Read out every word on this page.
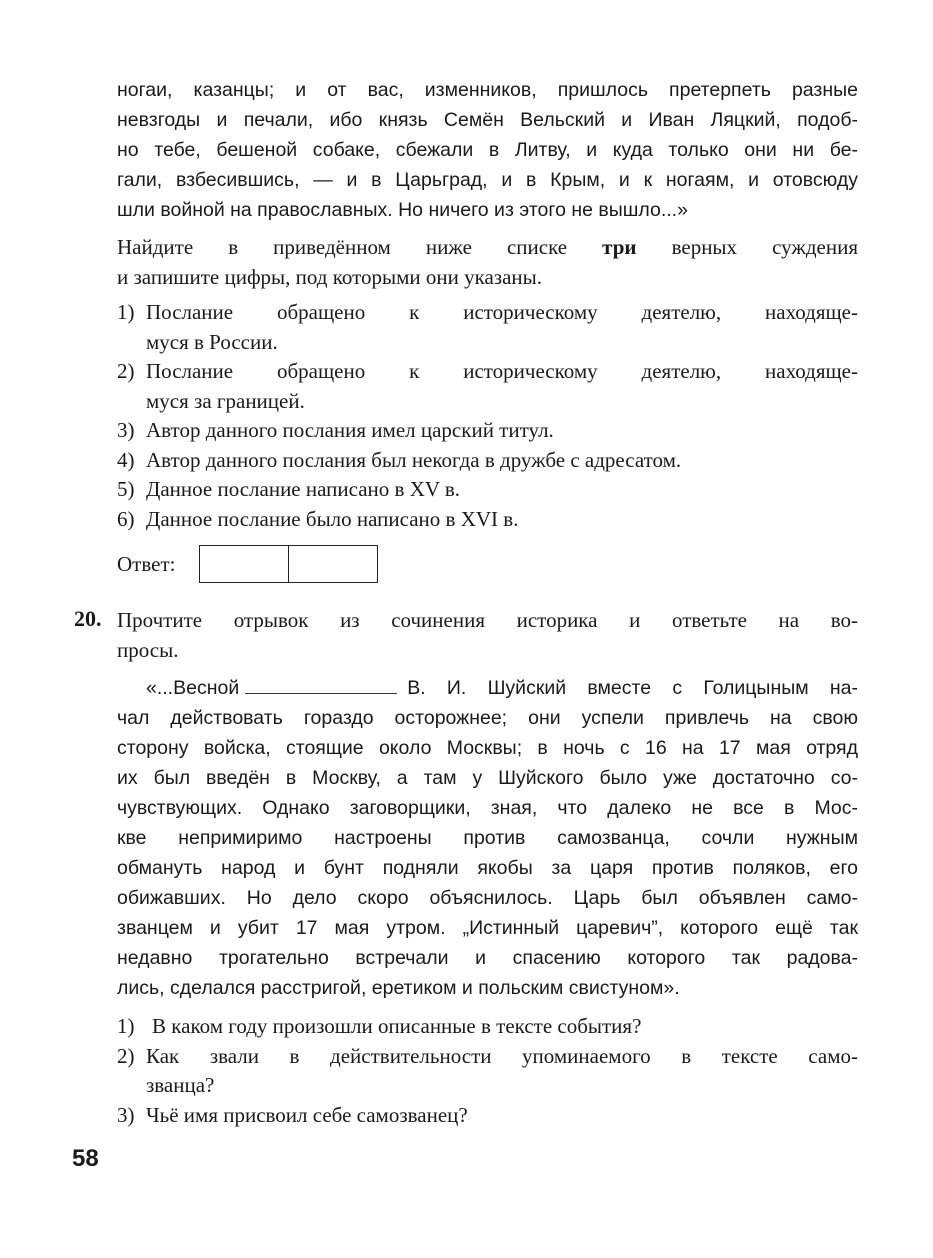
ногаи, казанцы; и от вас, изменников, пришлось претерпеть разные
невзгоды и печали, ибо князь Семён Вельский и Иван Ляцкий, подоб-
но тебе, бешеной собаке, сбежали в Литву, и куда только они ни бе-
гали, взбесившись, — и в Царьград, и в Крым, и к ногаям, и отовсюду
шли войной на православных. Но ничего из этого не вышло...»
Найдите в приведённом ниже списке три верных суждения
и запишите цифры, под которыми они указаны.
1) Послание обращено к историческому деятелю, находяще-
муся в России.
2) Послание обращено к историческому деятелю, находяще-
муся за границей.
3) Автор данного послания имел царский титул.
4) Автор данного послания был некогда в дружбе с адресатом.
5) Данное послание написано в XV в.
6) Данное послание было написано в XVI в.
Ответ:
20. Прочтите отрывок из сочинения историка и ответьте на во-
просы.
«...Весной	В. И. Шуйский вместе с Голицыным на-
чал действовать гораздо осторожнее; они успели привлечь на свою
сторону войска, стоящие около Москвы; в ночь с 16 на 17 мая отряд
их был введён в Москву, а там у Шуйского было уже достаточно со-
чувствующих. Однако заговорщики, зная, что далеко не все в Мос-
кве непримиримо настроены против самозванца, сочли нужным
обмануть народ и бунт подняли якобы за царя против поляков, его
обижавших. Но дело скоро объяснилось. Царь был объявлен само-
званцем и убит 17 мая утром. „Истинный царевич”, которого ещё так
недавно трогательно встречали и спасению которого так радова-
лись, сделался расстригой, еретиком и польским свистуном».
1) В каком году произошли описанные в тексте события?
2) Как звали в действительности упоминаемого в тексте само-
званца?
3) Чьё имя присвоил себе самозванец?
58
